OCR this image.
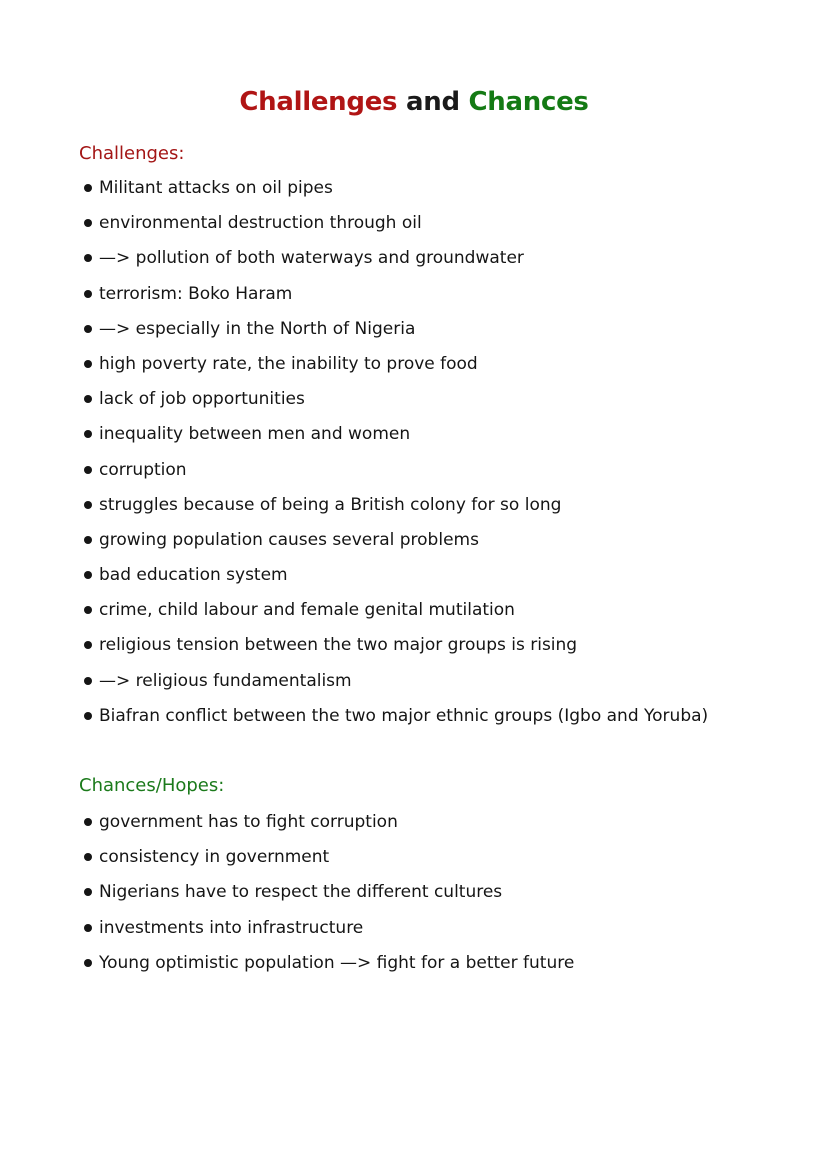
Challenges and Chances
Challenges:
Militant attacks on oil pipes
environmental destruction through oil
—> pollution of both waterways and groundwater
terrorism: Boko Haram
—> especially in the North of Nigeria
high poverty rate, the inability to prove food
lack of job opportunities
inequality between men and women
corruption
struggles because of being a British colony for so long
growing population causes several problems
bad education system
crime, child labour and female genital mutilation
religious tension between the two major groups is rising
—> religious fundamentalism
Biafran conflict between the two major ethnic groups (Igbo and Yoruba)
Chances/Hopes:
government has to fight corruption
consistency in government
Nigerians have to respect the different cultures
investments into infrastructure
Young optimistic population —> fight for a better future
